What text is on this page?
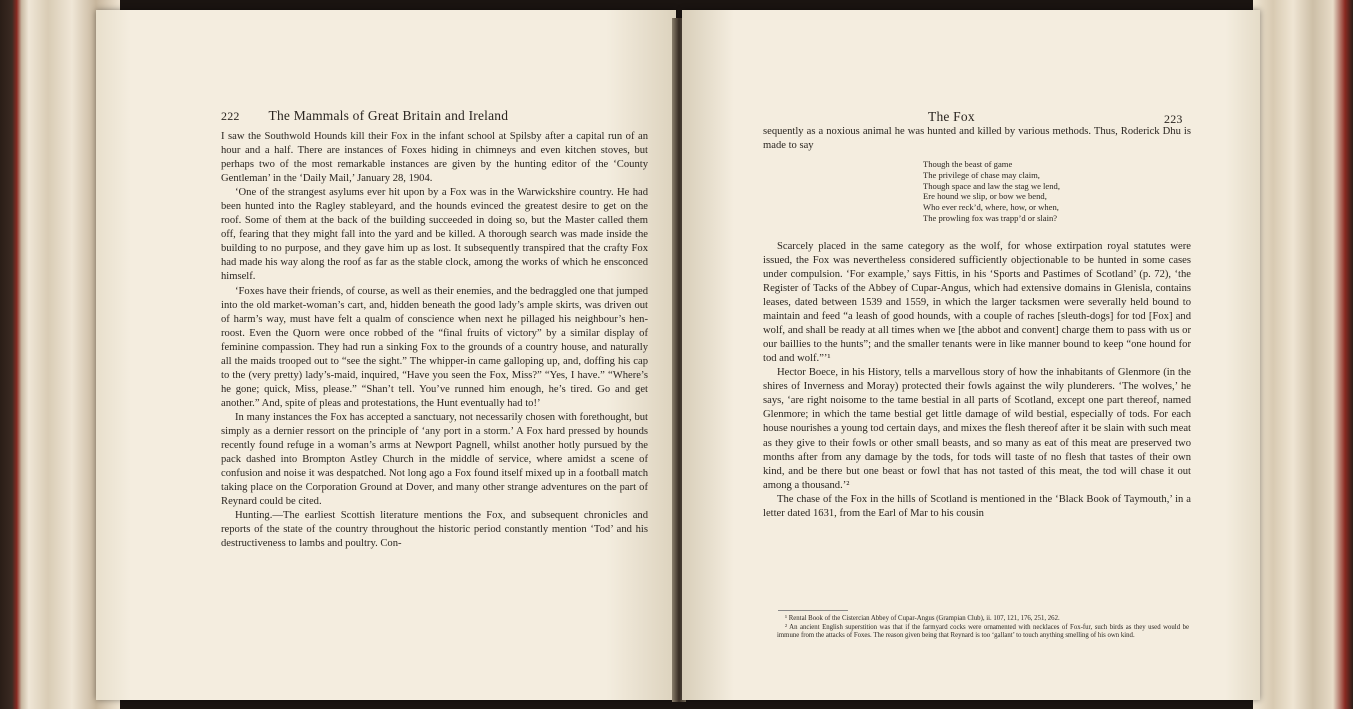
222 The Mammals of Great Britain and Ireland

I saw the Southwold Hounds kill their Fox in the infant school at Spilsby after a capital run of an hour and a half. There are instances of Foxes hiding in chimneys and even kitchen stoves, but perhaps two of the most remarkable instances are given by the hunting editor of the ‘County Gentleman’ in the ‘Daily Mail,’ January 28, 1904.

‘One of the strangest asylums ever hit upon by a Fox was in the Warwickshire country. He had been hunted into the Ragley stableyard, and the hounds evinced the greatest desire to get on the roof. Some of them at the back of the building succeeded in doing so, but the Master called them off, fearing that they might fall into the yard and be killed. A thorough search was made inside the building to no purpose, and they gave him up as lost. It subsequently transpired that the crafty Fox had made his way along the roof as far as the stable clock, among the works of which he ensconced himself.

‘Foxes have their friends, of course, as well as their enemies, and the bedraggled one that jumped into the old market-woman’s cart, and, hidden beneath the good lady’s ample skirts, was driven out of harm’s way, must have felt a qualm of conscience when next he pillaged his neighbour’s hen-roost. Even the Quorn were once robbed of the “final fruits of victory” by a similar display of feminine compassion. They had run a sinking Fox to the grounds of a country house, and naturally all the maids trooped out to “see the sight.” The whipper-in came galloping up, and, doffing his cap to the (very pretty) lady’s-maid, inquired, “Have you seen the Fox, Miss?” “Yes, I have.” “Where’s he gone; quick, Miss, please.” “Shan’t tell. You’ve runned him enough, he’s tired. Go and get another.” And, spite of pleas and protestations, the Hunt eventually had to!’

In many instances the Fox has accepted a sanctuary, not necessarily chosen with forethought, but simply as a dernier ressort on the principle of ‘any port in a storm.’ A Fox hard pressed by hounds recently found refuge in a woman’s arms at Newport Pagnell, whilst another hotly pursued by the pack dashed into Brompton Astley Church in the middle of service, where amidst a scene of confusion and noise it was despatched. Not long ago a Fox found itself mixed up in a football match taking place on the Corporation Ground at Dover, and many other strange adventures on the part of Reynard could be cited.

Hunting.—The earliest Scottish literature mentions the Fox, and subsequent chronicles and reports of the state of the country throughout the historic period constantly mention ‘Tod’ and his destructiveness to lambs and poultry. Con-

The Fox	223

sequently as a noxious animal he was hunted and killed by various methods. Thus, Roderick Dhu is made to say

Though the beast of game
The privilege of chase may claim,
Though space and law the stag we lend,
Ere hound we slip, or bow we bend,
Who ever reck’d, where, how, or when,
The prowling fox was trapp’d or slain?

Scarcely placed in the same category as the wolf, for whose extirpation royal statutes were issued, the Fox was nevertheless considered sufficiently objectionable to be hunted in some cases under compulsion. ‘For example,’ says Fittis, in his ‘Sports and Pastimes of Scotland’ (p. 72), ‘the Register of Tacks of the Abbey of Cupar-Angus, which had extensive domains in Glenisla, contains leases, dated between 1539 and 1559, in which the larger tacksmen were severally held bound to maintain and feed “a leash of good hounds, with a couple of raches [sleuth-dogs] for tod [Fox] and wolf, and shall be ready at all times when we [the abbot and convent] charge them to pass with us or our baillies to the hunts”; and the smaller tenants were in like manner bound to keep “one hound for tod and wolf.”’¹

Hector Boece, in his History, tells a marvellous story of how the inhabitants of Glenmore (in the shires of Inverness and Moray) protected their fowls against the wily plunderers. ‘The wolves,’ he says, ‘are right noisome to the tame bestial in all parts of Scotland, except one part thereof, named Glenmore; in which the tame bestial get little damage of wild bestial, especially of tods. For each house nourishes a young tod certain days, and mixes the flesh thereof after it be slain with such meat as they give to their fowls or other small beasts, and so many as eat of this meat are preserved two months after from any damage by the tods, for tods will taste of no flesh that tastes of their own kind, and be there but one beast or fowl that has not tasted of this meat, the tod will chase it out among a thousand.’²

The chase of the Fox in the hills of Scotland is mentioned in the ‘Black Book of Taymouth,’ in a letter dated 1631, from the Earl of Mar to his cousin

¹ Rental Book of the Cistercian Abbey of Cupar-Angus (Grampian Club), ii. 107, 121, 176, 251, 262.

² An ancient English superstition was that if the farmyard cocks were ornamented with necklaces of Fox-fur, such birds as they used would be immune from the attacks of Foxes. The reason given being that Reynard is too ‘gallant’ to touch anything smelling of his own kind.
